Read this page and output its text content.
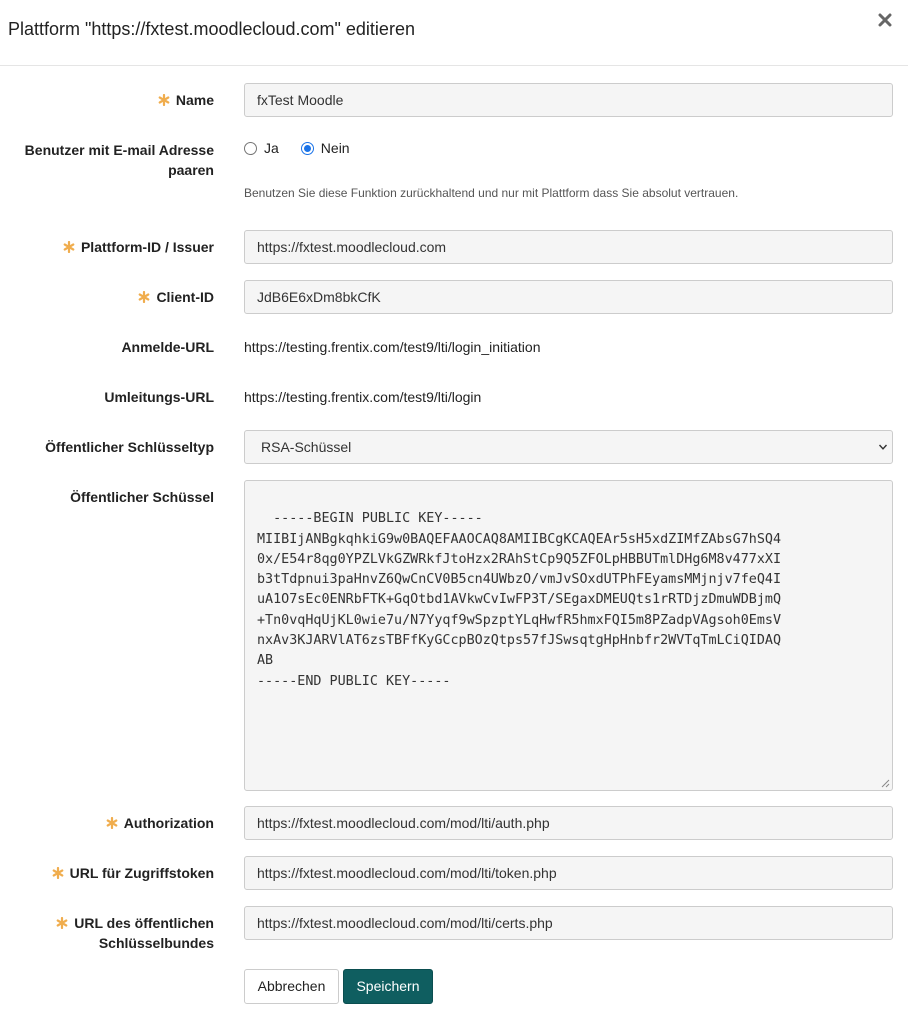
Plattform "https://fxtest.moodlecloud.com" editieren
Name	fxTest Moodle
Benutzer mit E-mail Adresse paaren
Ja	Nein
Benutzen Sie diese Funktion zurückhaltend und nur mit Plattform dass Sie absolut vertrauen.
Plattform-ID / Issuer	https://fxtest.moodlecloud.com
Client-ID	JdB6E6xDm8bkCfK
Anmelde-URL https://testing.frentix.com/test9/lti/login_initiation
Umleitungs-URL https://testing.frentix.com/test9/lti/login
Öffentlicher Schlüsseltyp	RSA-Schüssel
Öffentlicher Schüssel

-----BEGIN PUBLIC KEY-----
MIIBIjANBgkqhkiG9w0BAQEFAAOCAQ8AMIIBCgKCAQEAr5sH5xdZIMfZAbsG7hSQ4
0x/E54r8qg0YPZLVkGZWRkfJtoHzx2RAhStCp9Q5ZFOLpHBBUTmlDHg6M8v477xXI
b3tTdpnui3paHnvZ6QwCnCV0B5cn4UWbzO/vmJvSOxdUTPhFEyamsMMjnjv7feQ4I
uA1O7sEc0ENRbFTK+GqOtbd1AVkwCvIwFP3T/SEgaxDMEUQts1rRTDjzDmuWDBjmQ
+Tn0vqHqUjKL0wie7u/N7Yyqf9wSpzptYLqHwfR5hmxFQI5m8PZadpVAgsoh0EmsV
nxAv3KJARVlAT6zsTBFfKyGCcpBOzQtps57fJSwsqtgHpHnbfr2WVTqTmLCiQIDAQ
AB
-----END PUBLIC KEY-----

Authorization	https://fxtest.moodlecloud.com/mod/lti/auth.php
URL für Zugriffstoken	https://fxtest.moodlecloud.com/mod/lti/token.php
URL des öffentlichen Schlüsselbundes
https://fxtest.moodlecloud.com/mod/lti/certs.php
Abbrechen	Speichern
